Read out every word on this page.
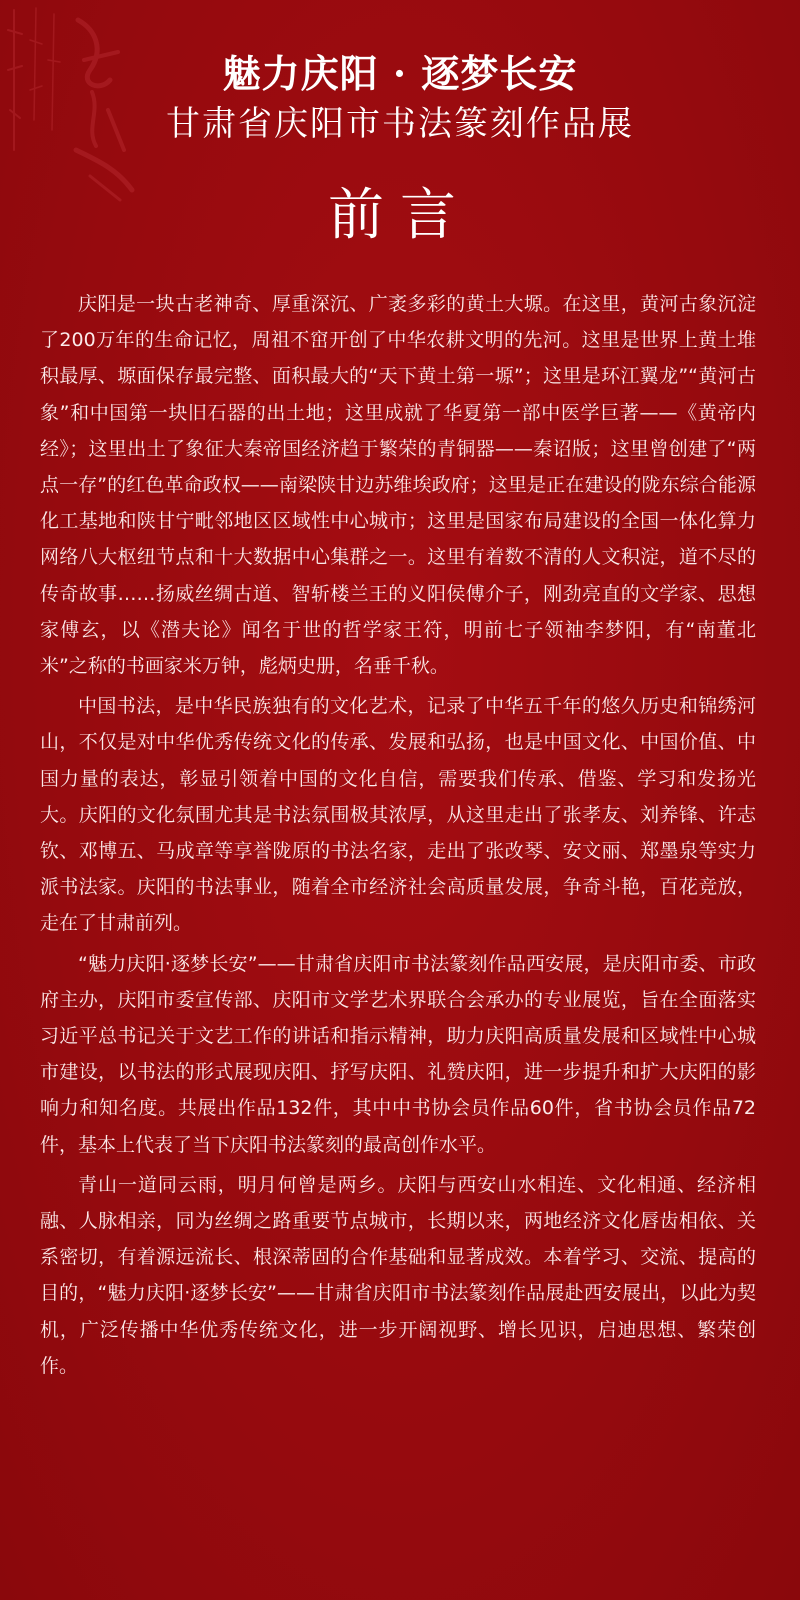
魅力庆阳 · 逐梦长安
甘肃省庆阳市书法篆刻作品展
前言

庆阳是一块古老神奇、厚重深沉、广袤多彩的黄土大塬。在这里，黄河古象沉淀了200万年的生命记忆，周祖不窋开创了中华农耕文明的先河。这里是世界上黄土堆积最厚、塬面保存最完整、面积最大的“天下黄土第一塬”；这里是环江翼龙”“黄河古象”和中国第一块旧石器的出土地；这里成就了华夏第一部中医学巨著——《黄帝内经》；这里出土了象征大秦帝国经济趋于繁荣的青铜器——秦诏版；这里曾创建了“两点一存”的红色革命政权——南梁陕甘边苏维埃政府；这里是正在建设的陇东综合能源化工基地和陕甘宁毗邻地区区域性中心城市；这里是国家布局建设的全国一体化算力网络八大枢纽节点和十大数据中心集群之一。这里有着数不清的人文积淀，道不尽的传奇故事……扬威丝绸古道、智斩楼兰王的义阳侯傅介子，刚劲亮直的文学家、思想家傅玄，以《潜夫论》闻名于世的哲学家王符，明前七子领袖李梦阳，有“南董北米”之称的书画家米万钟，彪炳史册，名垂千秋。

中国书法，是中华民族独有的文化艺术，记录了中华五千年的悠久历史和锦绣河山，不仅是对中华优秀传统文化的传承、发展和弘扬，也是中国文化、中国价值、中国力量的表达，彰显引领着中国的文化自信，需要我们传承、借鉴、学习和发扬光大。庆阳的文化氛围尤其是书法氛围极其浓厚，从这里走出了张孝友、刘养锋、许志钦、邓博五、马成章等享誉陇原的书法名家，走出了张改琴、安文丽、郑墨泉等实力派书法家。庆阳的书法事业，随着全市经济社会高质量发展，争奇斗艳，百花竞放，走在了甘肃前列。

“魅力庆阳·逐梦长安”——甘肃省庆阳市书法篆刻作品西安展，是庆阳市委、市政府主办，庆阳市委宣传部、庆阳市文学艺术界联合会承办的专业展览，旨在全面落实习近平总书记关于文艺工作的讲话和指示精神，助力庆阳高质量发展和区域性中心城市建设，以书法的形式展现庆阳、抒写庆阳、礼赞庆阳，进一步提升和扩大庆阳的影响力和知名度。共展出作品132件，其中中书协会员作品60件，省书协会员作品72件，基本上代表了当下庆阳书法篆刻的最高创作水平。

青山一道同云雨，明月何曾是两乡。庆阳与西安山水相连、文化相通、经济相融、人脉相亲，同为丝绸之路重要节点城市，长期以来，两地经济文化唇齿相依、关系密切，有着源远流长、根深蒂固的合作基础和显著成效。本着学习、交流、提高的目的，“魅力庆阳·逐梦长安”——甘肃省庆阳市书法篆刻作品展赴西安展出，以此为契机，广泛传播中华优秀传统文化，进一步开阔视野、增长见识，启迪思想、繁荣创作。
